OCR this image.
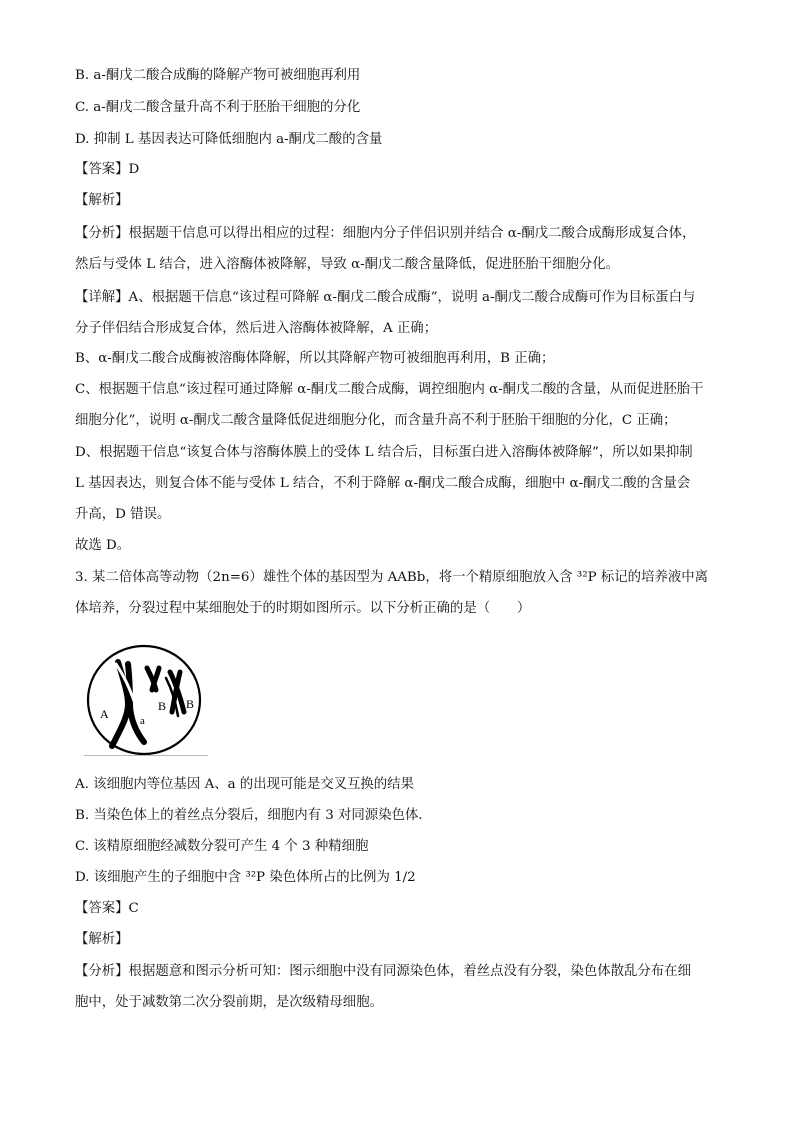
B. a-酮戊二酸合成酶的降解产物可被细胞再利用
C. a-酮戊二酸含量升高不利于胚胎干细胞的分化
D. 抑制 L 基因表达可降低细胞内 a-酮戊二酸的含量
【答案】D
【解析】
【分析】根据题干信息可以得出相应的过程：细胞内分子伴侣识别并结合 α-酮戊二酸合成酶形成复合体，
然后与受体 L 结合，进入溶酶体被降解，导致 α-酮戊二酸含量降低，促进胚胎干细胞分化。
【详解】A、根据题干信息“该过程可降解 α-酮戊二酸合成酶”，说明 a-酮戊二酸合成酶可作为目标蛋白与
分子伴侣结合形成复合体，然后进入溶酶体被降解，A 正确；
B、α-酮戊二酸合成酶被溶酶体降解，所以其降解产物可被细胞再利用，B 正确；
C、根据题干信息“该过程可通过降解 α-酮戊二酸合成酶，调控细胞内 α-酮戊二酸的含量，从而促进胚胎干
细胞分化”，说明 α-酮戊二酸含量降低促进细胞分化，而含量升高不利于胚胎干细胞的分化，C 正确；
D、根据题干信息“该复合体与溶酶体膜上的受体 L 结合后，目标蛋白进入溶酶体被降解”，所以如果抑制
L 基因表达，则复合体不能与受体 L 结合，不利于降解 α-酮戊二酸合成酶，细胞中 α-酮戊二酸的含量会
升高，D 错误。
故选 D。
3. 某二倍体高等动物（2n=6）雄性个体的基因型为 AABb，将一个精原细胞放入含 ³²P 标记的培养液中离
体培养，分裂过程中某细胞处于的时期如图所示。以下分析正确的是（　　）
A	a
B B
A. 该细胞内等位基因 A、a 的出现可能是交叉互换的结果
B. 当染色体上的着丝点分裂后，细胞内有 3 对同源染色体．
C. 该精原细胞经减数分裂可产生 4 个 3 种精细胞
D. 该细胞产生的子细胞中含 ³²P 染色体所占的比例为 1/2
【答案】C
【解析】
【分析】根据题意和图示分析可知：图示细胞中没有同源染色体，着丝点没有分裂，染色体散乱分布在细
胞中，处于减数第二次分裂前期，是次级精母细胞。
